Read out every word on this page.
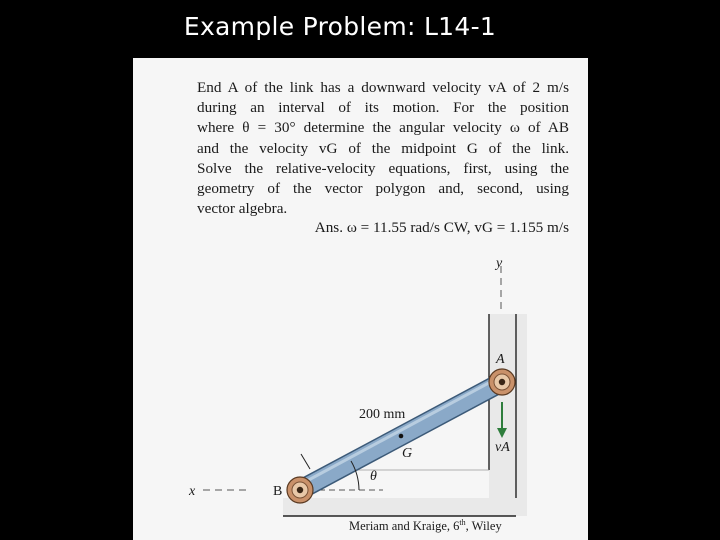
Example Problem: L14-1
End A of the link has a downward velocity vA of 2 m/s
during an interval of its motion. For the position
where θ = 30° determine the angular velocity ω of AB
and the velocity vG of the midpoint G of the link.
Solve the relative-velocity equations, first, using the
geometry of the vector polygon and, second, using
vector algebra.
Ans. ω = 11.55 rad/s CW, vG = 1.155 m/s
y
A
200 mm
G	vA
θ
B
x
Meriam and Kraige, 6th, Wiley
